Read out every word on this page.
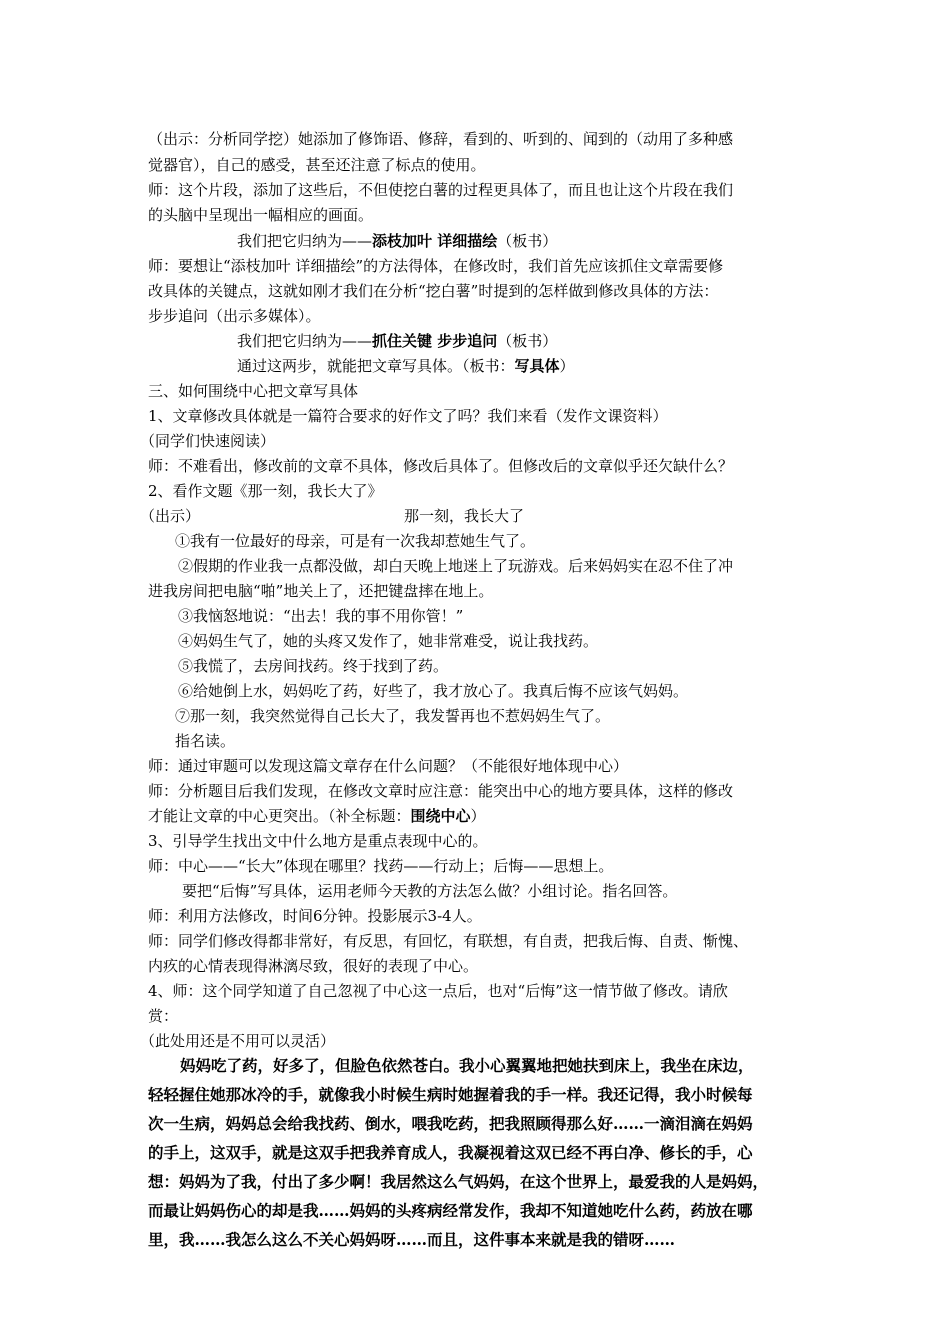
（出示：分析同学挖）她添加了修饰语、修辞，看到的、听到的、闻到的（动用了多种感
觉器官），自己的感受，甚至还注意了标点的使用。
师：这个片段，添加了这些后，不但使挖白薯的过程更具体了，而且也让这个片段在我们
的头脑中呈现出一幅相应的画面。
我们把它归纳为——添枝加叶 详细描绘（板书）
师：要想让“添枝加叶 详细描绘”的方法得体，在修改时，我们首先应该抓住文章需要修
改具体的关键点，这就如刚才我们在分析“挖白薯”时提到的怎样做到修改具体的方法：
步步追问（出示多媒体）。
我们把它归纳为——抓住关键 步步追问（板书）
通过这两步，就能把文章写具体。（板书：写具体）
三、如何围绕中心把文章写具体
1、文章修改具体就是一篇符合要求的好作文了吗？我们来看（发作文课资料）
（同学们快速阅读）
师：不难看出，修改前的文章不具体，修改后具体了。但修改后的文章似乎还欠缺什么？
2、看作文题《那一刻，我长大了》
（出示）	那一刻，我长大了
①我有一位最好的母亲，可是有一次我却惹她生气了。
②假期的作业我一点都没做，却白天晚上地迷上了玩游戏。后来妈妈实在忍不住了冲
进我房间把电脑“啪”地关上了，还把键盘摔在地上。
③我恼怒地说：“出去！我的事不用你管！”
④妈妈生气了，她的头疼又发作了，她非常难受，说让我找药。
⑤我慌了，去房间找药。终于找到了药。
⑥给她倒上水，妈妈吃了药，好些了，我才放心了。我真后悔不应该气妈妈。
⑦那一刻，我突然觉得自己长大了，我发誓再也不惹妈妈生气了。
指名读。
师：通过审题可以发现这篇文章存在什么问题？（不能很好地体现中心）
师：分析题目后我们发现，在修改文章时应注意：能突出中心的地方要具体，这样的修改
才能让文章的中心更突出。（补全标题：围绕中心）
3、引导学生找出文中什么地方是重点表现中心的。
师：中心——“长大”体现在哪里？找药——行动上；后悔——思想上。
要把“后悔”写具体，运用老师今天教的方法怎么做？小组讨论。指名回答。
师：利用方法修改，时间6分钟。投影展示3-4人。
师：同学们修改得都非常好，有反思，有回忆，有联想，有自责，把我后悔、自责、惭愧、
内疚的心情表现得淋漓尽致，很好的表现了中心。
4、师：这个同学知道了自己忽视了中心这一点后，也对“后悔”这一情节做了修改。请欣
赏：
（此处用还是不用可以灵活）
妈妈吃了药，好多了，但脸色依然苍白。我小心翼翼地把她扶到床上，我坐在床边，
轻轻握住她那冰冷的手，就像我小时候生病时她握着我的手一样。我还记得，我小时候每
次一生病，妈妈总会给我找药、倒水，喂我吃药，把我照顾得那么好……一滴泪滴在妈妈
的手上，这双手，就是这双手把我养育成人，我凝视着这双已经不再白净、修长的手，心
想：妈妈为了我，付出了多少啊！我居然这么气妈妈，在这个世界上，最爱我的人是妈妈，
而最让妈妈伤心的却是我……妈妈的头疼病经常发作，我却不知道她吃什么药，药放在哪
里，我……我怎么这么不关心妈妈呀……而且，这件事本来就是我的错呀……
